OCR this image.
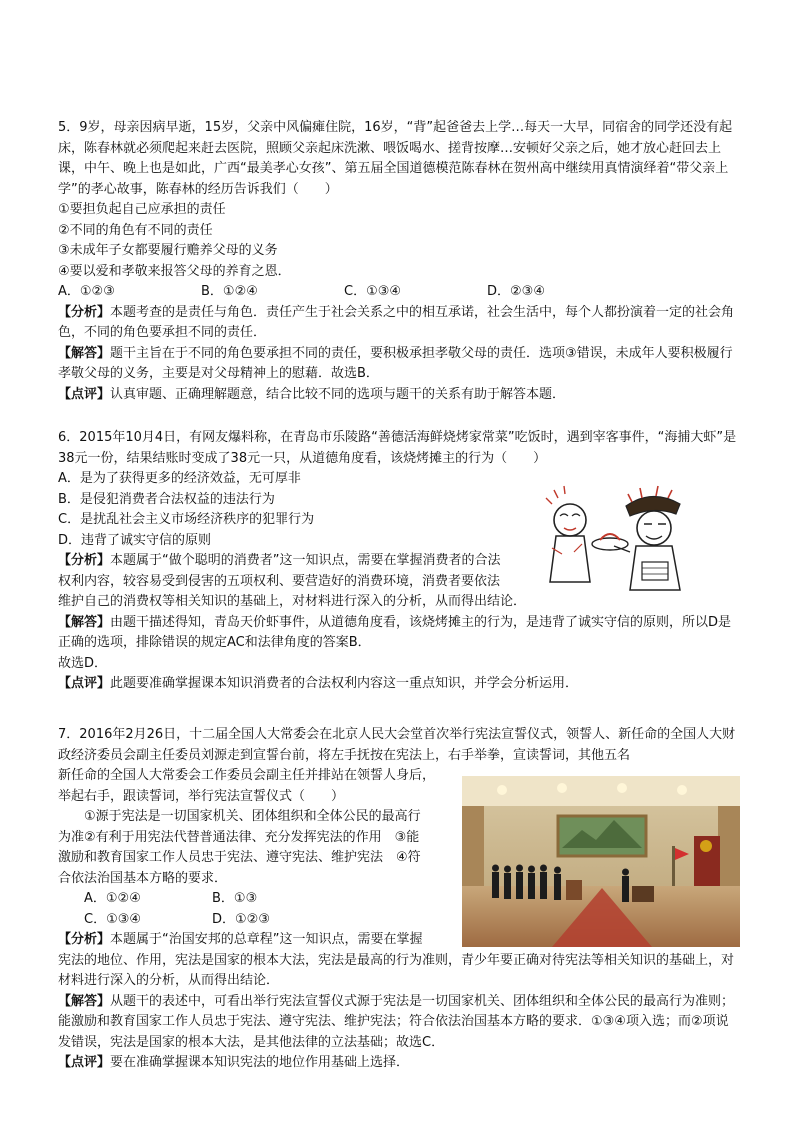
5．9岁，母亲因病早逝，15岁，父亲中风偏瘫住院，16岁，“背”起爸爸去上学…每天一大早，同宿舍的同学还没有起床，陈春林就必须爬起来赶去医院，照顾父亲起床洗漱、喂饭喝水、搓背按摩…安顿好父亲之后，她才放心赶回去上课，中午、晚上也是如此，广西“最美孝心女孩”、第五届全国道德模范陈春林在贺州高中继续用真情演绎着“带父亲上学”的孝心故事，陈春林的经历告诉我们（　　）

①要担负起自己应承担的责任

②不同的角色有不同的责任

③未成年子女都要履行赡养父母的义务

④要以爱和孝敬来报答父母的养育之恩．

A．①②③	B．①②④	C．①③④	D．②③④

【分析】本题考查的是责任与角色．责任产生于社会关系之中的相互承诺，社会生活中，每个人都扮演着一定的社会角色，不同的角色要承担不同的责任．

【解答】题干主旨在于不同的角色要承担不同的责任，要积极承担孝敬父母的责任．选项③错误，未成年人要积极履行孝敬父母的义务，主要是对父母精神上的慰藉．故选B．

【点评】认真审题、正确理解题意，结合比较不同的选项与题干的关系有助于解答本题．

6．2015年10月4日，有网友爆料称，在青岛市乐陵路“善德活海鲜烧烤家常菜”吃饭时，遇到宰客事件，“海捕大虾”是38元一份，结果结账时变成了38元一只，从道德角度看，该烧烤摊主的行为（　　）

A．是为了获得更多的经济效益，无可厚非

B．是侵犯消费者合法权益的违法行为

C．是扰乱社会主义市场经济秩序的犯罪行为

D．违背了诚实守信的原则

【分析】本题属于“做个聪明的消费者”这一知识点，需要在掌握消费者的合法

权利内容，较容易受到侵害的五项权利、要营造好的消费环境，消费者要依法

维护自己的消费权等相关知识的基础上，对材料进行深入的分析，从而得出结论．

【解答】由题干描述得知，青岛天价虾事件，从道德角度看，该烧烤摊主的行为，是违背了诚实守信的原则，所以D是正确的选项，排除错误的规定AC和法律角度的答案B．

故选D．

【点评】此题要准确掌握课本知识消费者的合法权利内容这一重点知识，并学会分析运用．

7．2016年2月26日，十二届全国人大常委会在北京人民大会堂首次举行宪法宣誓仪式，领誓人、新任命的全国人大财政经济委员会副主任委员刘源走到宣誓台前，将左手抚按在宪法上，右手举拳，宣读誓词，其他五名

新任命的全国人大常委会工作委员会副主任并排站在领誓人身后，

举起右手，跟读誓词，举行宪法宣誓仪式（　　）

①源于宪法是一切国家机关、团体组织和全体公民的最高行

为准②有利于用宪法代替普通法律、充分发挥宪法的作用　③能

激励和教育国家工作人员忠于宪法、遵守宪法、维护宪法　④符

合依法治国基本方略的要求．

A．①②④	B．①③

C．①③④	D．①②③

【分析】本题属于“治国安邦的总章程”这一知识点，需要在掌握

宪法的地位、作用，宪法是国家的根本大法，宪法是最高的行为准则，青少年要正确对待宪法等相关知识的基础上，对材料进行深入的分析，从而得出结论．

【解答】从题干的表述中，可看出举行宪法宣誓仪式源于宪法是一切国家机关、团体组织和全体公民的最高行为准则；能激励和教育国家工作人员忠于宪法、遵守宪法、维护宪法；符合依法治国基本方略的要求．①③④项入选；而②项说发错误，宪法是国家的根本大法，是其他法律的立法基础；故选C．

【点评】要在准确掌握课本知识宪法的地位作用基础上选择．
